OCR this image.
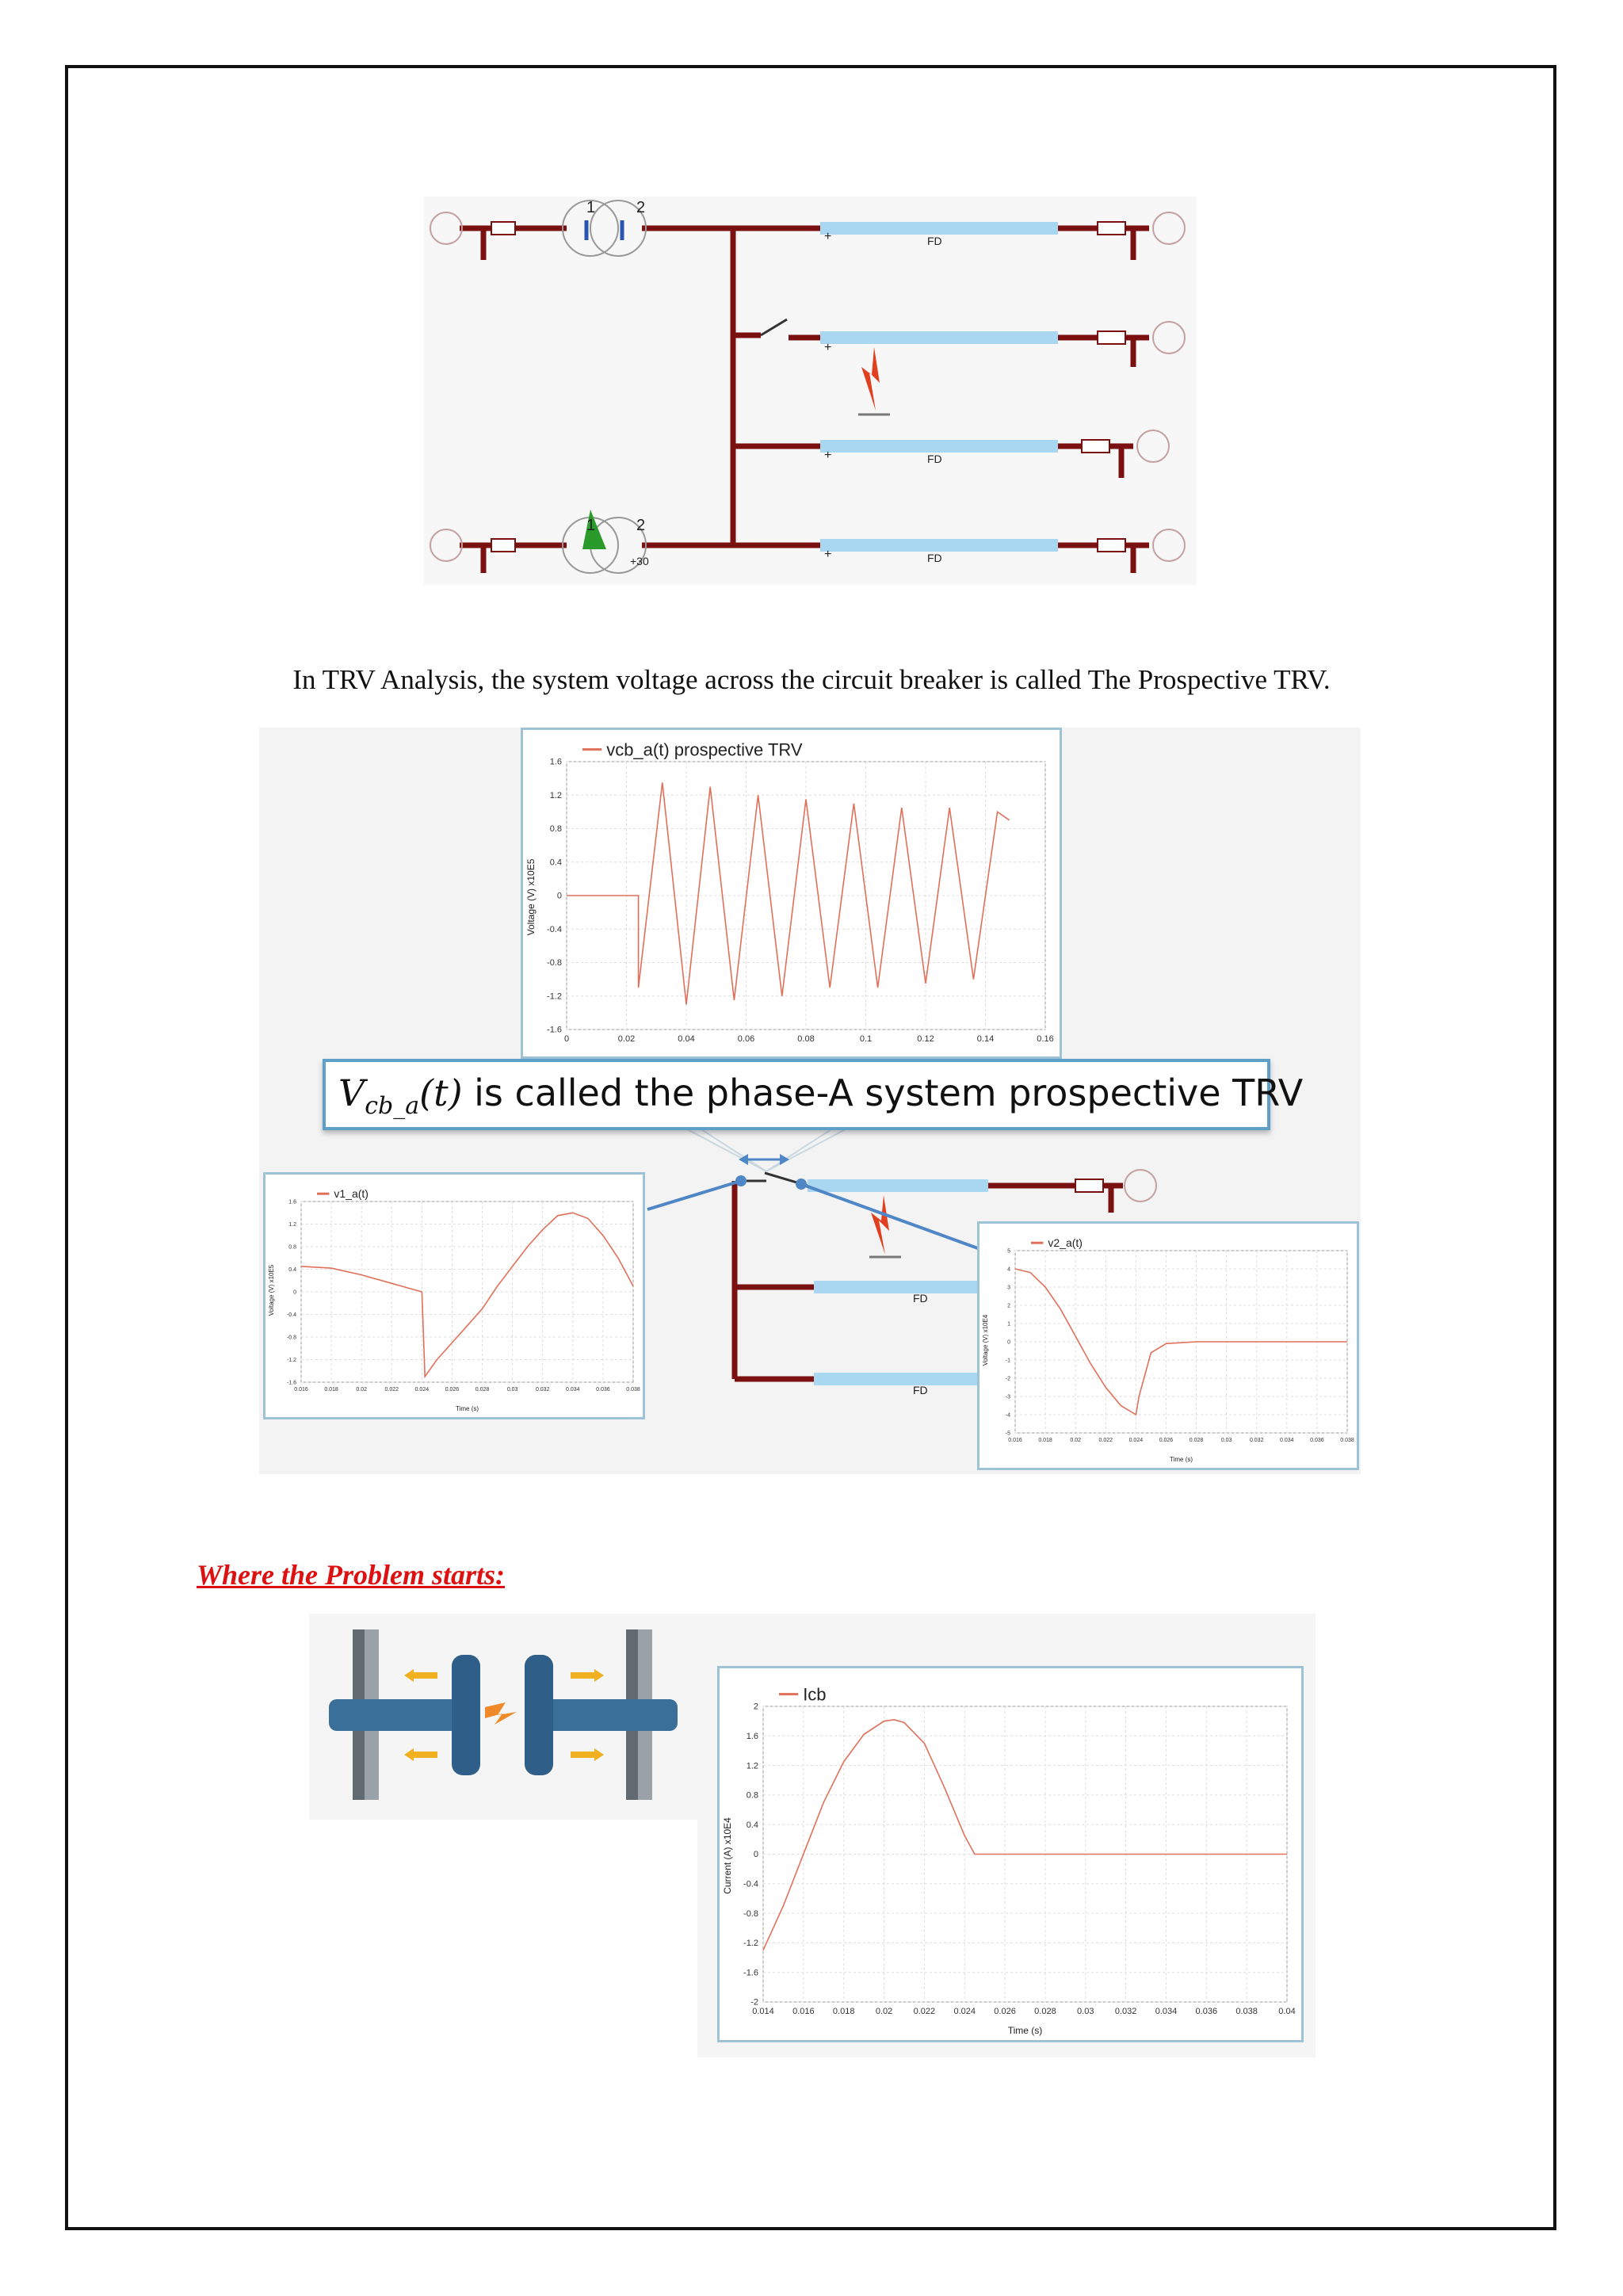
FD
FD
FD
1	2
1	2
+30
+
+
+
+
In TRV Analysis, the system voltage across the circuit breaker is called The Prospective TRV.
FD
FD
0	0.02	0.04	0.06	0.08	0.1	0.12	0.14	0.16
1.6
1.2
0.8
0.4
0
-0.4
-0.8
-1.2
-1.6
vcb_a(t) prospective TRV
Voltage (V) x10E5
$V_{cb\_a}(t)$ is called the phase-A system prospective TRV
0.016	0.018	0.02	0.022	0.024	0.026	0.028	0.03	0.032	0.034	0.036	0.038
1.6
1.2
0.8
0.4
0
-0.4
-0.8
-1.2
-1.6
v1_a(t)
Voltage (V) x10E5
Time (s)
0.016	0.018	0.02	0.022	0.024	0.026	0.028	0.03	0.032	0.034	0.036	0.038
5
4
3
2
1
0
-1
-2
-3
-4
-5
v2_a(t)
Voltage (V) x10E4
Time (s)
Where the Problem starts:
0.014 0.016 0.018 0.02 0.022 0.024 0.026 0.028 0.03 0.032 0.034 0.036 0.038 0.04
2
1.6
1.2
0.8
0.4
0
-0.4
-0.8
-1.2
-1.6
-2
Icb
Current (A) x10E4
Time (s)
